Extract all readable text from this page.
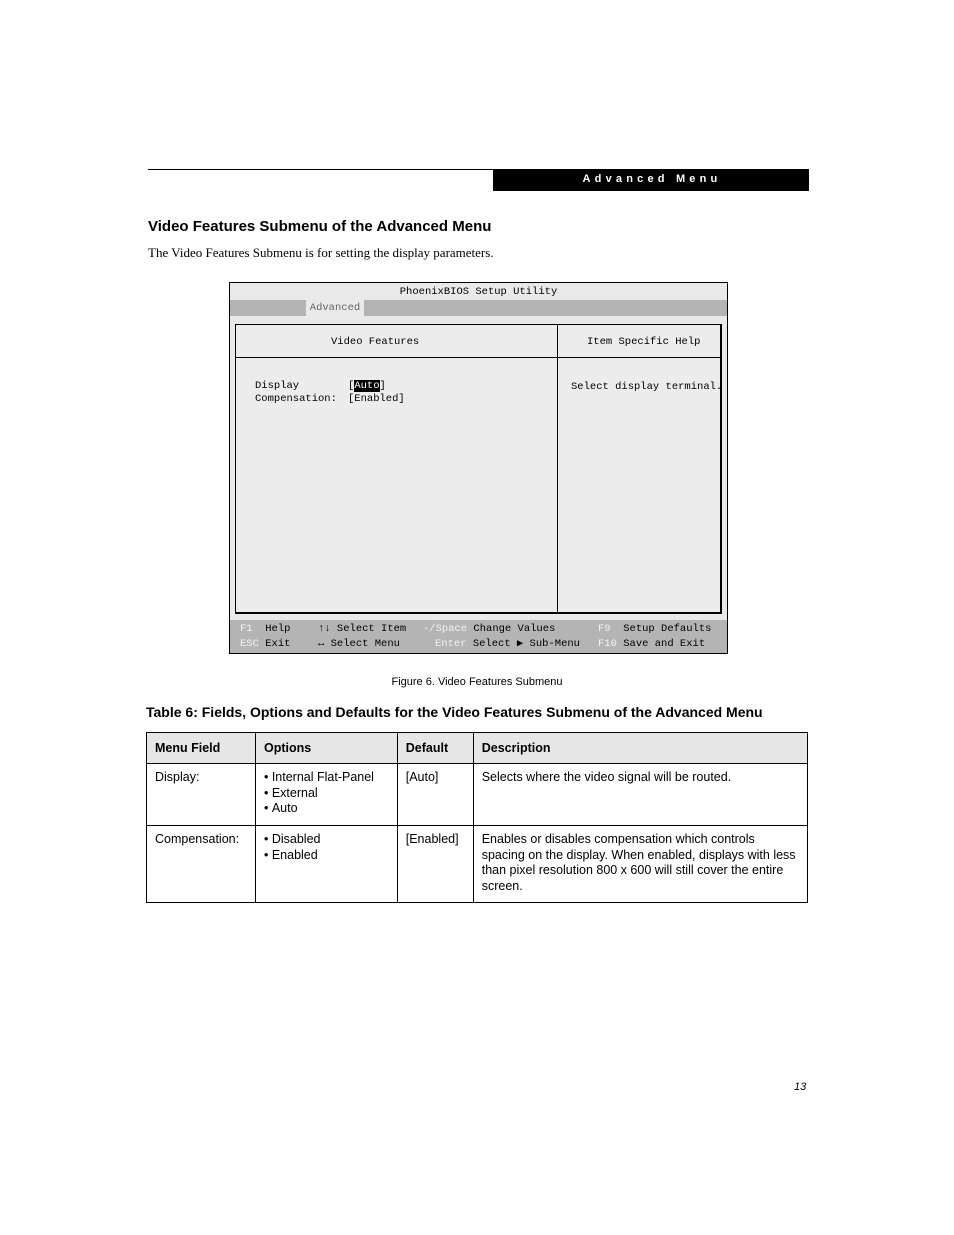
Advanced Menu
Video Features Submenu of the Advanced Menu
The Video Features Submenu is for setting the display parameters.
PhoenixBIOS Setup Utility
Advanced
Video Features	Item Specific Help
Display	[Auto]
Compensation: [Enabled]
Select display terminal.
F1 Help
ESC Exit
↑↓ Select Item
↔ Select Menu
-/Space Change Values
Enter Select ▶ Sub-Menu
F9 Setup Defaults
F10 Save and Exit
Figure 6. Video Features Submenu
Table 6: Fields, Options and Defaults for the Video Features Submenu of the Advanced Menu
Menu Field	Options	Default	Description
Display:	• Internal Flat-Panel
• External
• Auto	[Auto]	Selects where the video signal will be routed.
Compensation:	• Disabled
• Enabled	[Enabled]	Enables or disables compensation which controls spacing on the display. When enabled, displays with less than pixel resolution 800 x 600 will still cover the entire screen.
13
